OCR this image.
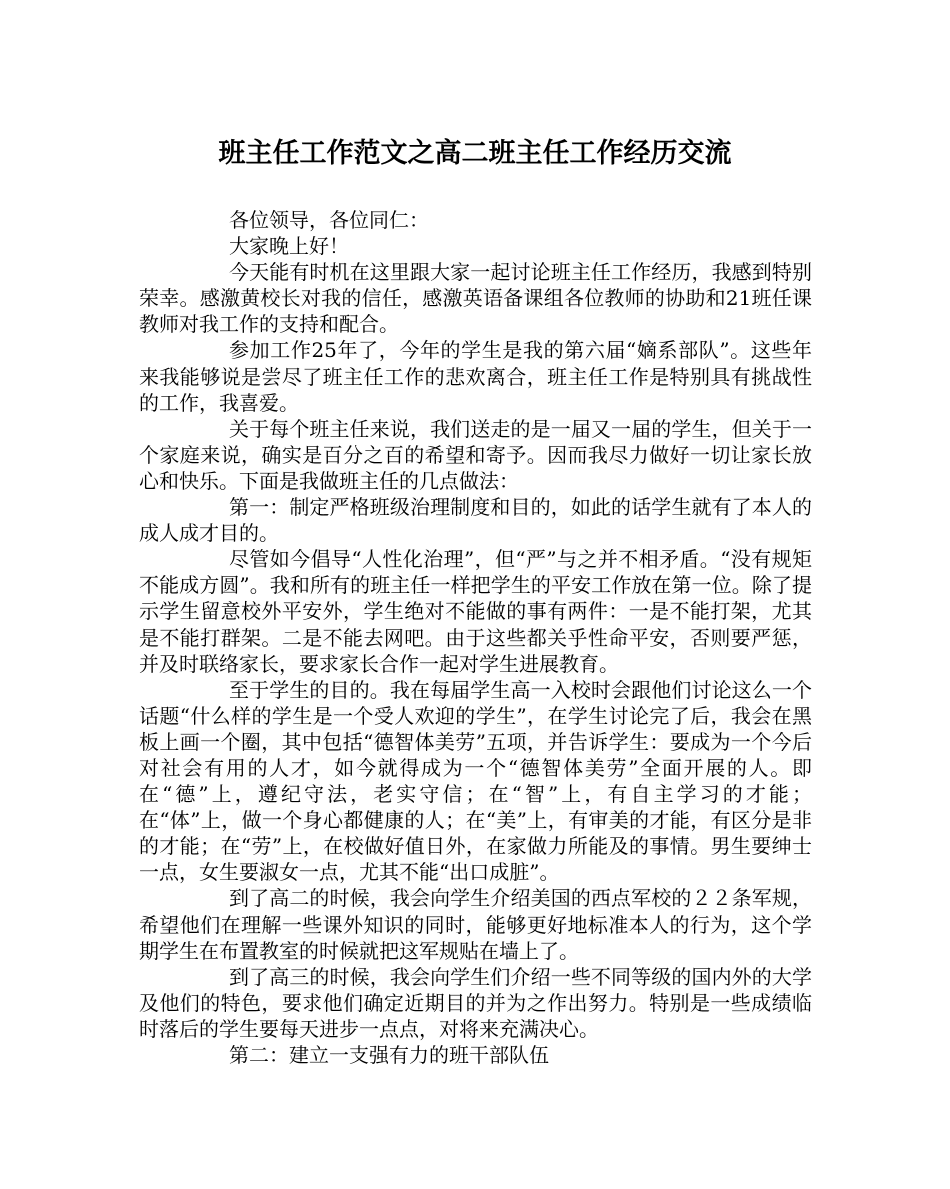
班主任工作范文之高二班主任工作经历交流

各位领导，各位同仁：

大家晚上好！

今天能有时机在这里跟大家一起讨论班主任工作经历，我感到特别荣幸。感激黄校长对我的信任，感激英语备课组各位教师的协助和21班任课教师对我工作的支持和配合。

参加工作25年了，今年的学生是我的第六届“嫡系部队”。这些年来我能够说是尝尽了班主任工作的悲欢离合，班主任工作是特别具有挑战性的工作，我喜爱。

关于每个班主任来说，我们送走的是一届又一届的学生，但关于一个家庭来说，确实是百分之百的希望和寄予。因而我尽力做好一切让家长放心和快乐。下面是我做班主任的几点做法：

第一：制定严格班级治理制度和目的，如此的话学生就有了本人的成人成才目的。

尽管如今倡导“人性化治理”，但“严”与之并不相矛盾。“没有规矩不能成方圆”。我和所有的班主任一样把学生的平安工作放在第一位。除了提示学生留意校外平安外，学生绝对不能做的事有两件：一是不能打架，尤其是不能打群架。二是不能去网吧。由于这些都关乎性命平安，否则要严惩，并及时联络家长，要求家长合作一起对学生进展教育。

至于学生的目的。我在每届学生高一入校时会跟他们讨论这么一个话题“什么样的学生是一个受人欢迎的学生”，在学生讨论完了后，我会在黑板上画一个圈，其中包括“德智体美劳”五项，并告诉学生：要成为一个今后对社会有用的人才，如今就得成为一个“德智体美劳”全面开展的人。即在“德”上，遵纪守法，老实守信；在“智”上，有自主学习的才能；在“体”上，做一个身心都健康的人；在“美”上，有审美的才能，有区分是非的才能；在“劳”上，在校做好值日外，在家做力所能及的事情。男生要绅士一点，女生要淑女一点，尤其不能“出口成脏”。

到了高二的时候，我会向学生介绍美国的西点军校的２２条军规，希望他们在理解一些课外知识的同时，能够更好地标准本人的行为，这个学期学生在布置教室的时候就把这军规贴在墙上了。

到了高三的时候，我会向学生们介绍一些不同等级的国内外的大学及他们的特色，要求他们确定近期目的并为之作出努力。特别是一些成绩临时落后的学生要每天进步一点点，对将来充满决心。

第二：建立一支强有力的班干部队伍
